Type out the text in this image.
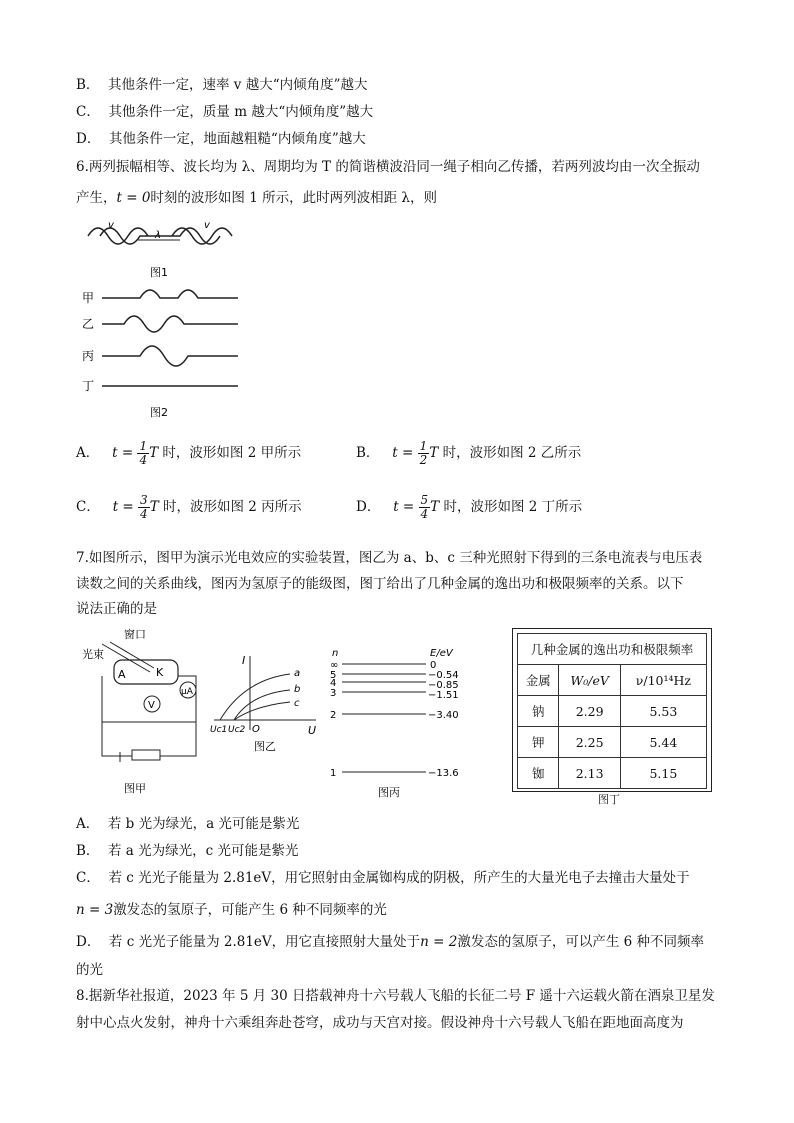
B． 其他条件一定，速率 v 越大“内倾角度”越大
C． 其他条件一定，质量 m 越大“内倾角度”越大
D． 其他条件一定，地面越粗糙“内倾角度”越大
6.两列振幅相等、波长均为 λ、周期均为 T 的简谐横波沿同一绳子相向乙传播，若两列波均由一次全振动
产生，t = 0时刻的波形如图 1 所示，此时两列波相距 λ，则
λ
v	v
图1
甲
乙
丙
丁
图2
A． $t = \frac{1}{4}$ T 时，波形如图 2 甲所示	B． $t = \frac{1}{2}$ T 时，波形如图 2 乙所示
C． $t = \frac{3}{4}$ T 时，波形如图 2 丙所示	D． $t = \frac{5}{4}$ T 时，波形如图 2 丁所示
7.如图所示，图甲为演示光电效应的实验装置，图乙为 a、b、c 三种光照射下得到的三条电流表与电压表
读数之间的关系曲线，图丙为氢原子的能级图，图丁给出了几种金属的逸出功和极限频率的关系。以下
说法正确的是
窗口
光束
A	K
V
μA
图甲
I
U
O
Uc1 Uc2
a
b
c
图乙
n	E/eV
∞	0
5	−0.54
4	−0.85
3	−1.51
2	−3.40
1	−13.6
图丙
几种金属的逸出功和极限频率		
金属	W₀/eV	ν/10¹⁴Hz
钠	2.29	5.53
钾	2.25	5.44
铷	2.13	5.15
图丁
A． 若 b 光为绿光，a 光可能是紫光
B． 若 a 光为绿光，c 光可能是紫光
C． 若 c 光光子能量为 2.81eV，用它照射由金属铷构成的阴极，所产生的大量光电子去撞击大量处于
n = 3激发态的氢原子，可能产生 6 种不同频率的光
D． 若 c 光光子能量为 2.81eV，用它直接照射大量处于n = 2激发态的氢原子，可以产生 6 种不同频率
的光
8.据新华社报道，2023 年 5 月 30 日搭载神舟十六号载人飞船的长征二号 F 遥十六运载火箭在酒泉卫星发
射中心点火发射，神舟十六乘组奔赴苍穹，成功与天宫对接。假设神舟十六号载人飞船在距地面高度为
